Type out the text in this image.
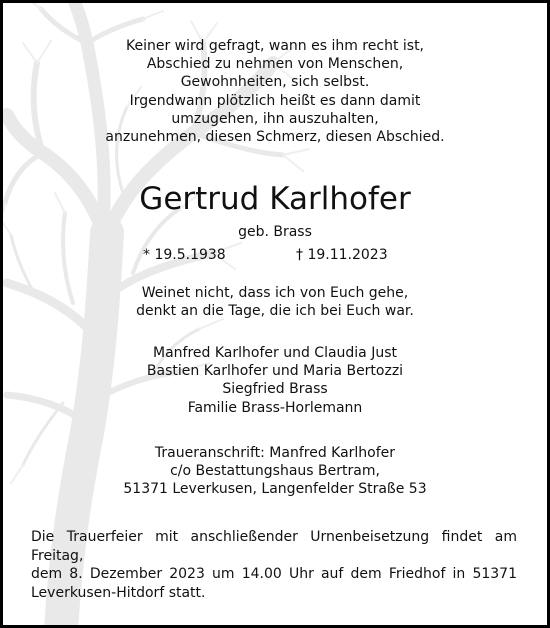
Keiner wird gefragt, wann es ihm recht ist,
Abschied zu nehmen von Menschen,
Gewohnheiten, sich selbst.
Irgendwann plötzlich heißt es dann damit
umzugehen, ihn auszuhalten,
anzunehmen, diesen Schmerz, diesen Abschied.
Gertrud Karlhofer
geb. Brass
* 19.5.1938	† 19.11.2023
Weinet nicht, dass ich von Euch gehe,
denkt an die Tage, die ich bei Euch war.
Manfred Karlhofer und Claudia Just
Bastien Karlhofer und Maria Bertozzi
Siegfried Brass
Familie Brass-Horlemann
Traueranschrift: Manfred Karlhofer
c/o Bestattungshaus Bertram,
51371 Leverkusen, Langenfelder Straße 53
Die Trauerfeier mit anschließender Urnenbeisetzung findet am Freitag,
dem 8. Dezember 2023 um 14.00 Uhr auf dem Friedhof in 51371
Leverkusen-Hitdorf statt.
